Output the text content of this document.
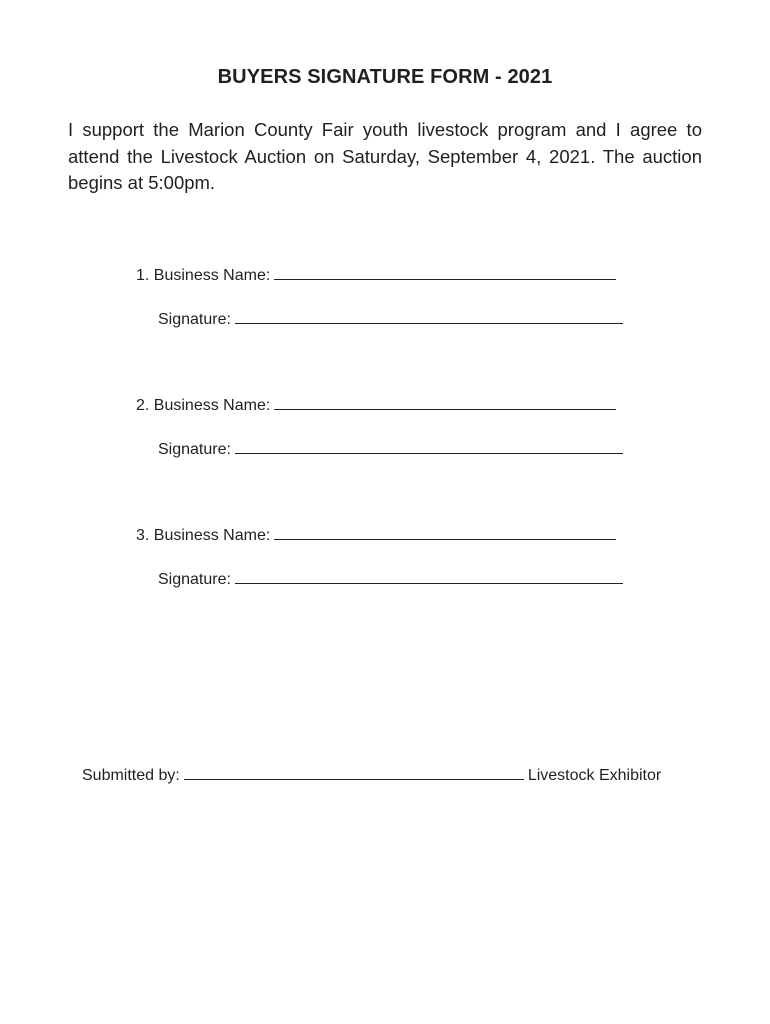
BUYERS SIGNATURE FORM - 2021

I support the Marion County Fair youth livestock program and I agree to attend the Livestock Auction on Saturday, September 4, 2021. The auction begins at 5:00pm.

1. Business Name:

Signature:

2. Business Name:

Signature:

3. Business Name:

Signature:

Submitted by:	Livestock Exhibitor
